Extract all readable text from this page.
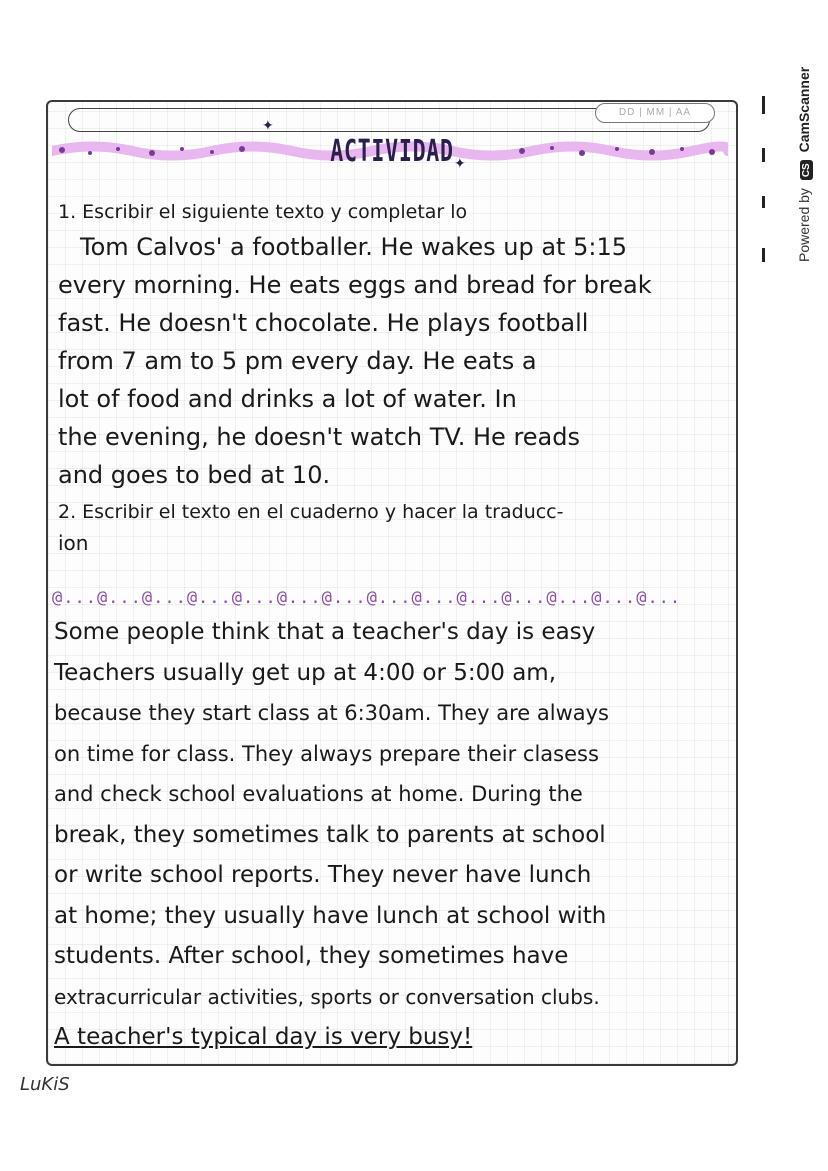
DD | MM | AA
ACTIVIDAD
✦
✦
1. Escribir el siguiente texto y completar lo
Tom Calvos' a footballer. He wakes up at 5:15
every morning. He eats eggs and bread for break
fast. He doesn't chocolate. He plays football
from 7 am to 5 pm every day. He eats a
lot of food and drinks a lot of water. In
the evening, he doesn't watch TV. He reads
and goes to bed at 10.
2. Escribir el texto en el cuaderno y hacer la traducc-
ion
@...@...@...@...@...@...@...@...@...@...@...@...@...@...
Some people think that a teacher's day is easy
Teachers usually get up at 4:00 or 5:00 am,
because they start class at 6:30am. They are always
on time for class. They always prepare their clasess
and check school evaluations at home. During the
break, they sometimes talk to parents at school
or write school reports. They never have lunch
at home; they usually have lunch at school with
students. After school, they sometimes have
extracurricular activities, sports or conversation clubs.
A teacher's typical day is very busy!
LuKiS
Powered by CS CamScanner
